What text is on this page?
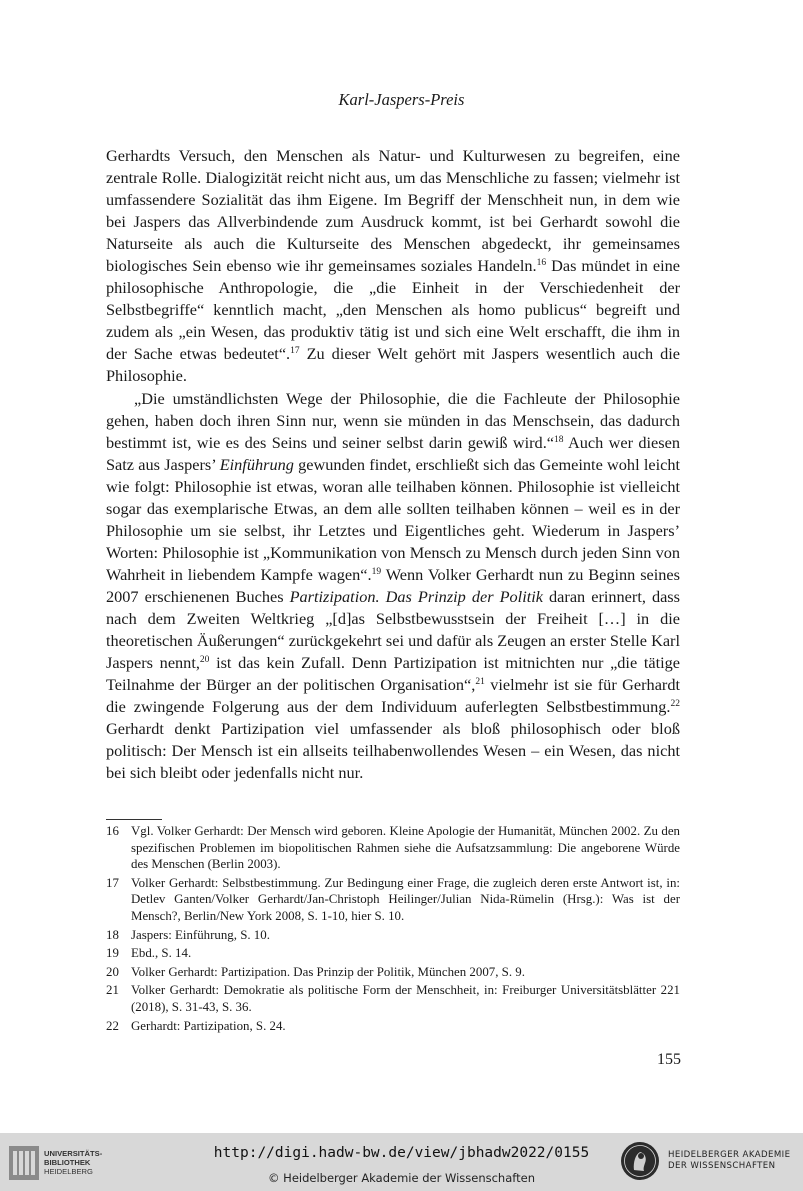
Karl-Jaspers-Preis

Gerhardts Versuch, den Menschen als Natur- und Kulturwesen zu begreifen, eine zentrale Rolle. Dialogizität reicht nicht aus, um das Menschliche zu fassen; vielmehr ist umfassendere Sozialität das ihm Eigene. Im Begriff der Menschheit nun, in dem wie bei Jaspers das Allverbindende zum Ausdruck kommt, ist bei Gerhardt sowohl die Naturseite als auch die Kulturseite des Menschen abgedeckt, ihr gemeinsames biologisches Sein ebenso wie ihr gemeinsames soziales Handeln.$^{16}$ Das mündet in eine philosophische Anthropologie, die „die Einheit in der Verschiedenheit der Selbstbegriffe“ kenntlich macht, „den Menschen als homo publicus“ begreift und zudem als „ein Wesen, das produktiv tätig ist und sich eine Welt erschafft, die ihm in der Sache etwas bedeutet“.$^{17}$ Zu dieser Welt gehört mit Jaspers wesentlich auch die Philosophie.

„Die umständlichsten Wege der Philosophie, die die Fachleute der Philosophie gehen, haben doch ihren Sinn nur, wenn sie münden in das Menschsein, das dadurch bestimmt ist, wie es des Seins und seiner selbst darin gewiß wird.“$^{18}$ Auch wer diesen Satz aus Jaspers’ Einführung gewunden findet, erschließt sich das Gemeinte wohl leicht wie folgt: Philosophie ist etwas, woran alle teilhaben können. Philosophie ist vielleicht sogar das exemplarische Etwas, an dem alle sollten teilhaben können – weil es in der Philosophie um sie selbst, ihr Letztes und Eigentliches geht. Wiederum in Jaspers’ Worten: Philosophie ist „Kommunikation von Mensch zu Mensch durch jeden Sinn von Wahrheit in liebendem Kampfe wagen“.$^{19}$ Wenn Volker Gerhardt nun zu Beginn seines 2007 erschienenen Buches Partizipation. Das Prinzip der Politik daran erinnert, dass nach dem Zweiten Weltkrieg „[d]as Selbstbewusstsein der Freiheit […] in die theoretischen Äußerungen“ zurückgekehrt sei und dafür als Zeugen an erster Stelle Karl Jaspers nennt,$^{20}$ ist das kein Zufall. Denn Partizipation ist mitnichten nur „die tätige Teilnahme der Bürger an der politischen Organisation“,$^{21}$ vielmehr ist sie für Gerhardt die zwingende Folgerung aus der dem Individuum auferlegten Selbstbestimmung.$^{22}$ Gerhardt denkt Partizipation viel umfassender als bloß philosophisch oder bloß politisch: Der Mensch ist ein allseits teilhabenwollendes Wesen – ein Wesen, das nicht bei sich bleibt oder jedenfalls nicht nur.

16 Vgl. Volker Gerhardt: Der Mensch wird geboren. Kleine Apologie der Humanität, München 2002. Zu den spezifischen Problemen im biopolitischen Rahmen siehe die Aufsatzsammlung: Die angeborene Würde des Menschen (Berlin 2003).
17 Volker Gerhardt: Selbstbestimmung. Zur Bedingung einer Frage, die zugleich deren erste Antwort ist, in: Detlev Ganten/Volker Gerhardt/Jan-Christoph Heilinger/Julian Nida-Rümelin (Hrsg.): Was ist der Mensch?, Berlin/New York 2008, S. 1-10, hier S. 10.
18 Jaspers: Einführung, S. 10.
19 Ebd., S. 14.
20 Volker Gerhardt: Partizipation. Das Prinzip der Politik, München 2007, S. 9.
21 Volker Gerhardt: Demokratie als politische Form der Menschheit, in: Freiburger Universitätsblätter 221 (2018), S. 31-43, S. 36.
22 Gerhardt: Partizipation, S. 24.
155
UNIVERSITÄTS-
BIBLIOTHEK
HEIDELBERG
http://digi.hadw-bw.de/view/jbhadw2022/0155
© Heidelberger Akademie der Wissenschaften
HEIDELBERGER AKADEMIE
DER WISSENSCHAFTEN
